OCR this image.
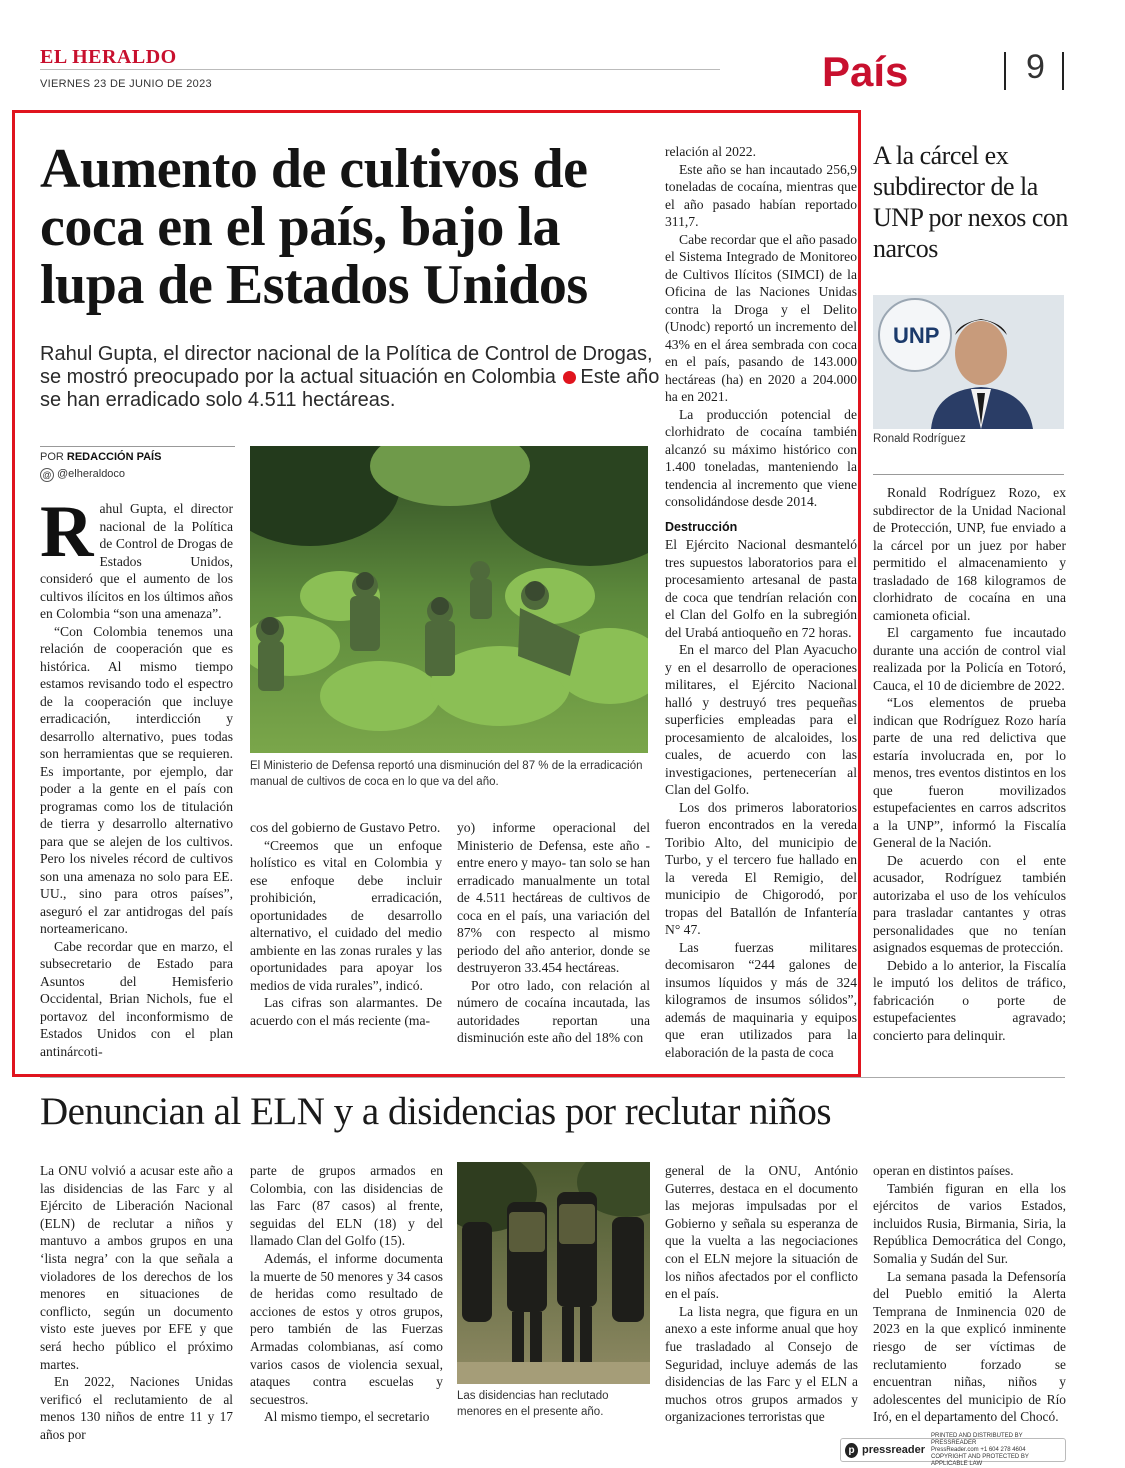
EL HERALDO
VIERNES 23 DE JUNIO DE 2023	País	9
Aumento de cultivos de coca en el país, bajo la lupa de Estados Unidos
Rahul Gupta, el director nacional de la Política de Control de Drogas, se mostró preocupado por la actual situación en Colombia Este año se han erradicado solo 4.511 hectáreas.
POR REDACCIÓN PAÍS
@ @elheraldoco

Rahul Gupta, el director nacional de la Política de Control de Drogas de Estados Unidos, consideró que el aumento de los cultivos ilícitos en los últimos años en Colombia “son una amenaza”.

“Con Colombia tenemos una relación de cooperación que es histórica. Al mismo tiempo estamos revisando todo el espectro de la cooperación que incluye erradicación, interdicción y desarrollo alternativo, pues todas son herramientas que se requieren. Es importante, por ejemplo, dar poder a la gente en el país con programas como los de titulación de tierra y desarrollo alternativo para que se alejen de los cultivos. Pero los niveles récord de cultivos son una amenaza no solo para EE. UU., sino para otros países”, aseguró el zar antidrogas del país norteamericano.

Cabe recordar que en marzo, el subsecretario de Estado para Asuntos del Hemisferio Occidental, Brian Nichols, fue el portavoz del inconformismo de Estados Unidos con el plan antinárcoti-

El Ministerio de Defensa reportó una disminución del 87 % de la erradicación manual de cultivos de coca en lo que va del año.

cos del gobierno de Gustavo Petro.

“Creemos que un enfoque holístico es vital en Colombia y ese enfoque debe incluir prohibición, erradicación, oportunidades de desarrollo alternativo, el cuidado del medio ambiente en las zonas rurales y las oportunidades para apoyar los medios de vida rurales”, indicó.

Las cifras son alarmantes. De acuerdo con el más reciente (ma-

yo) informe operacional del Ministerio de Defensa, este año -entre enero y mayo- tan solo se han erradicado manualmente un total de 4.511 hectáreas de cultivos de coca en el país, una variación del 87% con respecto al mismo periodo del año anterior, donde se destruyeron 33.454 hectáreas.

Por otro lado, con relación al número de cocaína incautada, las autoridades reportan una disminución este año del 18% con

relación al 2022.

Este año se han incautado 256,9 toneladas de cocaína, mientras que el año pasado habían reportado 311,7.

Cabe recordar que el año pasado el Sistema Integrado de Monitoreo de Cultivos Ilícitos (SIMCI) de la Oficina de las Naciones Unidas contra la Droga y el Delito (Unodc) reportó un incremento del 43% en el área sembrada con coca en el país, pasando de 143.000 hectáreas (ha) en 2020 a 204.000 ha en 2021.

La producción potencial de clorhidrato de cocaína también alcanzó su máximo histórico con 1.400 toneladas, manteniendo la tendencia al incremento que viene consolidándose desde 2014.

Destrucción

El Ejército Nacional desmanteló tres supuestos laboratorios para el procesamiento artesanal de pasta de coca que tendrían relación con el Clan del Golfo en la subregión del Urabá antioqueño en 72 horas.

En el marco del Plan Ayacucho y en el desarrollo de operaciones militares, el Ejército Nacional halló y destruyó tres pequeñas superficies empleadas para el procesamiento de alcaloides, los cuales, de acuerdo con las investigaciones, pertenecerían al Clan del Golfo.

Los dos primeros laboratorios fueron encontrados en la vereda Toribio Alto, del municipio de Turbo, y el tercero fue hallado en la vereda El Remigio, del municipio de Chigorodó, por tropas del Batallón de Infantería N° 47.

Las fuerzas militares decomisaron “244 galones de insumos líquidos y más de 324 kilogramos de insumos sólidos”, además de maquinaria y equipos que eran utilizados para la elaboración de la pasta de coca

A la cárcel ex subdirector de la UNP por nexos con narcos
UNP
Ronald Rodríguez

Ronald Rodríguez Rozo, ex subdirector de la Unidad Nacional de Protección, UNP, fue enviado a la cárcel por un juez por haber permitido el almacenamiento y trasladado de 168 kilogramos de clorhidrato de cocaína en una camioneta oficial.

El cargamento fue incautado durante una acción de control vial realizada por la Policía en Totoró, Cauca, el 10 de diciembre de 2022.

“Los elementos de prueba indican que Rodríguez Rozo haría parte de una red delictiva que estaría involucrada en, por lo menos, tres eventos distintos en los que fueron movilizados estupefacientes en carros adscritos a la UNP”, informó la Fiscalía General de la Nación.

De acuerdo con el ente acusador, Rodríguez también autorizaba el uso de los vehículos para trasladar cantantes y otras personalidades que no tenían asignados esquemas de protección.

Debido a lo anterior, la Fiscalía le imputó los delitos de tráfico, fabricación o porte de estupefacientes agravado; concierto para delinquir.

Denuncian al ELN y a disidencias por reclutar niños

La ONU volvió a acusar este año a las disidencias de las Farc y al Ejército de Liberación Nacional (ELN) de reclutar a niños y mantuvo a ambos grupos en una ‘lista negra’ con la que señala a violadores de los derechos de los menores en situaciones de conflicto, según un documento visto este jueves por EFE y que será hecho público el próximo martes.

En 2022, Naciones Unidas verificó el reclutamiento de al menos 130 niños de entre 11 y 17 años por

parte de grupos armados en Colombia, con las disidencias de las Farc (87 casos) al frente, seguidas del ELN (18) y del llamado Clan del Golfo (15).

Además, el informe documenta la muerte de 50 menores y 34 casos de heridas como resultado de acciones de estos y otros grupos, pero también de las Fuerzas Armadas colombianas, así como varios casos de violencia sexual, ataques contra escuelas y secuestros.

Al mismo tiempo, el secretario

Las disidencias han reclutado menores en el presente año.

general de la ONU, António Guterres, destaca en el documento las mejoras impulsadas por el Gobierno y señala su esperanza de que la vuelta a las negociaciones con el ELN mejore la situación de los niños afectados por el conflicto en el país.

La lista negra, que figura en un anexo a este informe anual que hoy fue trasladado al Consejo de Seguridad, incluye además de las disidencias de las Farc y el ELN a muchos otros grupos armados y organizaciones terroristas que

operan en distintos países.

También figuran en ella los ejércitos de varios Estados, incluidos Rusia, Birmania, Siria, la República Democrática del Congo, Somalia y Sudán del Sur.

La semana pasada la Defensoría del Pueblo emitió la Alerta Temprana de Inminencia 020 de 2023 en la que explicó inminente riesgo de ser víctimas de reclutamiento forzado se encuentran niñas, niños y adolescentes del municipio de Río Iró, en el departamento del Chocó.

p pressreader
PRINTED AND DISTRIBUTED BY PRESSREADER
PressReader.com +1 604 278 4604
COPYRIGHT AND PROTECTED BY APPLICABLE LAW
